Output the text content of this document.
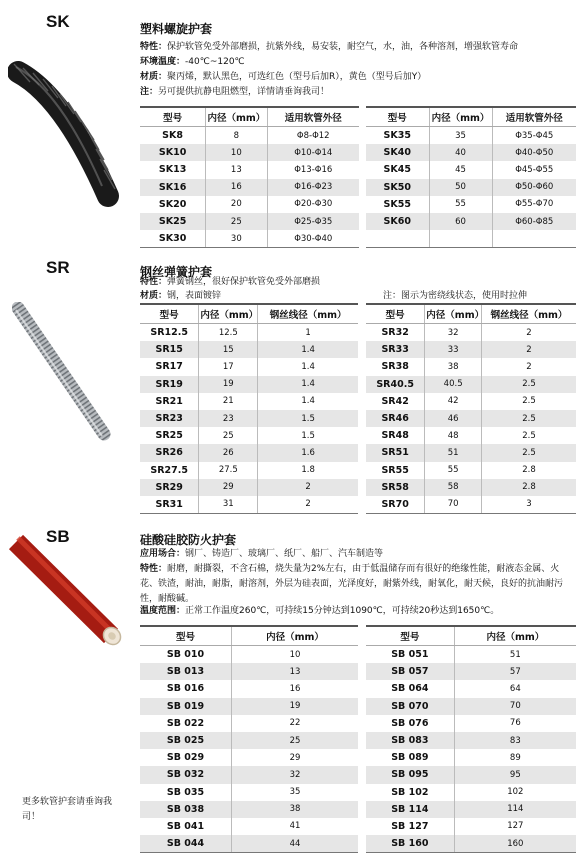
SK	塑料螺旋护套
特性：保护软管免受外部磨损，抗紫外线，易安装，耐空气，水，油，各种溶剂，增强软管寿命
环境温度：-40℃~120℃
材质：聚丙烯，默认黑色，可选红色（型号后加R），黄色（型号后加Y）
注：另可提供抗静电阻燃型，详情请垂询我司！
型号	内径（mm）	适用软管外径
SK8	8	Φ8-Φ12
SK10	10	Φ10-Φ14
SK13	13	Φ13-Φ16
SK16	16	Φ16-Φ23
SK20	20	Φ20-Φ30
SK25	25	Φ25-Φ35
SK30	30	Φ30-Φ40
型号	内径（mm）	适用软管外径
SK35	35	Φ35-Φ45
SK40	40	Φ40-Φ50
SK45	45	Φ45-Φ55
SK50	50	Φ50-Φ60
SK55	55	Φ55-Φ70
SK60	60	Φ60-Φ85

SR	钢丝弹簧护套
特性：弹簧钢丝，很好保护软管免受外部磨损
材质：钢，表面镀锌	注：图示为密绕线状态，使用时拉伸
型号	内径（mm）	钢丝线径（mm）
SR12.5	12.5	1
SR15	15	1.4
SR17	17	1.4
SR19	19	1.4
SR21	21	1.4
SR23	23	1.5
SR25	25	1.5
SR26	26	1.6
SR27.5	27.5	1.8
SR29	29	2
SR31	31	2
型号	内径（mm）	钢丝线径（mm）
SR32	32	2
SR33	33	2
SR38	38	2
SR40.5	40.5	2.5
SR42	42	2.5
SR46	46	2.5
SR48	48	2.5
SR51	51	2.5
SR55	55	2.8
SR58	58	2.8
SR70	70	3
SB	硅酸硅胶防火护套
应用场合：钢厂、铸造厂、玻璃厂、纸厂、船厂、汽车制造等
特性：耐磨，耐撕裂，不含石棉，烧失量为2%左右，由于低温储存而有很好的绝缘性能，耐液态金属、火花、铁渣，耐油，耐脂，耐溶剂，外层为硅表面，光泽度好，耐紫外线，耐氧化，耐天候，良好的抗油耐污性，耐酸碱。
温度范围：正常工作温度260℃，可持续15分钟达到1090℃，可持续20秒达到1650℃。
型号	内径（mm）
SB 010	10
SB 013	13
SB 016	16
SB 019	19
SB 022	22
SB 025	25
SB 029	29
SB 032	32
SB 035	35
SB 038	38
SB 041	41
SB 044	44
型号	内径（mm）
SB 051	51
SB 057	57
SB 064	64
SB 070	70
SB 076	76
SB 083	83
SB 089	89
SB 095	95
SB 102	102
SB 114	114
SB 127	127
SB 160	160
更多软管护套请垂询我司！
